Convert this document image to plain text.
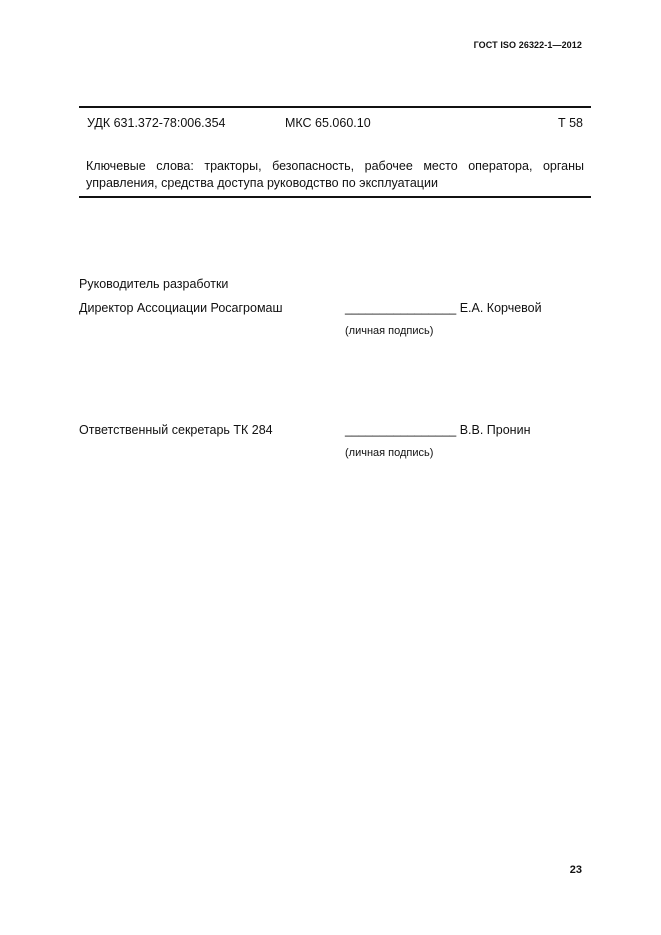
ГОСТ ISO 26322-1—2012
УДК 631.372-78:006.354	МКС 65.060.10	Т 58
Ключевые слова: тракторы, безопасность, рабочее место оператора, органы
управления, средства доступа руководство по эксплуатации
Руководитель разработки
Директор Ассоциации Росагромаш	________________ Е.А. Корчевой
(личная подпись)
Ответственный секретарь ТК 284	________________ В.В. Пронин
(личная подпись)
23
